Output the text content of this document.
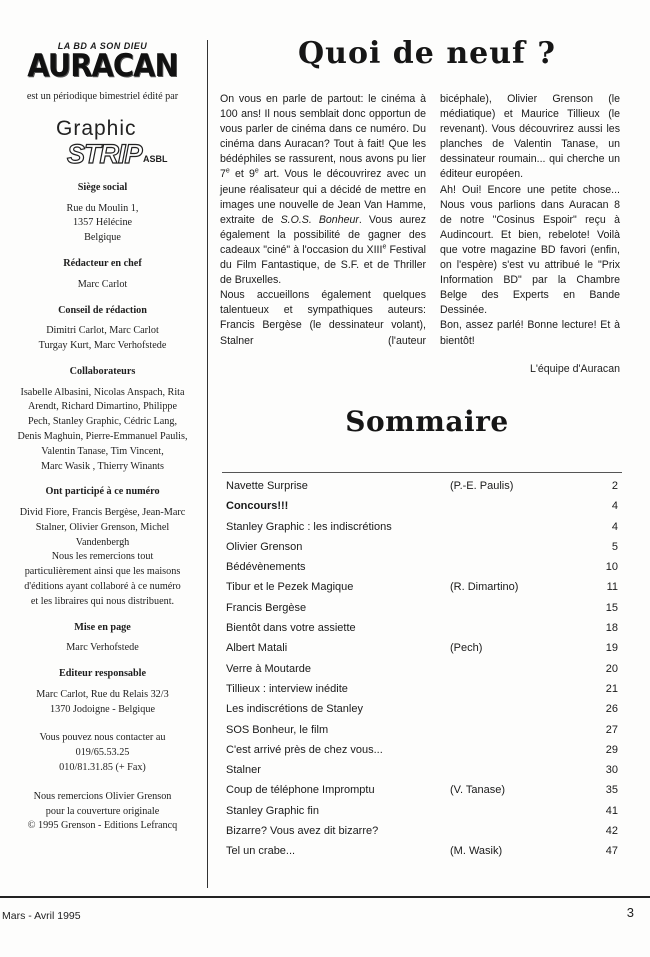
LA BD A SON DIEU
AURACAN
est un périodique bimestriel édité par
Graphic
STRIP ASBL
Siège social
Rue du Moulin 1,
1357 Hélécine
Belgique
Rédacteur en chef
Marc Carlot
Conseil de rédaction
Dimitri Carlot, Marc Carlot
Turgay Kurt, Marc Verhofstede
Collaborateurs
Isabelle Albasini, Nicolas Anspach, Rita
Arendt, Richard Dimartino, Philippe
Pech, Stanley Graphic, Cédric Lang,
Denis Maghuin, Pierre-Emmanuel Paulis,
Valentin Tanase, Tim Vincent,
Marc Wasik , Thierry Winants
Ont participé à ce numéro
Divid Fiore, Francis Bergèse, Jean-Marc
Stalner, Olivier Grenson, Michel
Vandenbergh
Nous les remercions tout
particulièrement ainsi que les maisons
d'éditions ayant collaboré à ce numéro
et les libraires qui nous distribuent.
Mise en page
Marc Verhofstede
Editeur responsable
Marc Carlot, Rue du Relais 32/3
1370 Jodoigne - Belgique
Vous pouvez nous contacter au
019/65.53.25
010/81.31.85 (+ Fax)
Nous remercions Olivier Grenson
pour la couverture originale
© 1995 Grenson - Editions Lefrancq
Quoi de neuf ?

On vous en parle de partout: le cinéma à 100 ans! Il nous semblait donc opportun de vous parler de cinéma dans ce numéro. Du cinéma dans Auracan? Tout à fait! Que les bédéphiles se rassurent, nous avons pu lier 7e et 9e art. Vous le découvrirez avec un jeune réalisateur qui a décidé de mettre en images une nouvelle de Jean Van Hamme, extraite de S.O.S. Bonheur. Vous aurez également la possibilité de gagner des cadeaux "ciné" à l'occasion du XIIIe Festival du Film Fantastique, de S.F. et de Thriller de Bruxelles.

Nous accueillons également quelques talentueux et sympathiques auteurs: Francis Bergèse (le dessinateur volant), Stalner (l'auteur

bicéphale), Olivier Grenson (le médiatique) et Maurice Tillieux (le revenant). Vous découvrirez aussi les planches de Valentin Tanase, un dessinateur roumain... qui cherche un éditeur européen.

Ah! Oui! Encore une petite chose... Nous vous parlions dans Auracan 8 de notre "Cosinus Espoir" reçu à Audincourt. Et bien, rebelote! Voilà que votre magazine BD favori (enfin, on l'espère) s'est vu attribué le "Prix Information BD" par la Chambre Belge des Experts en Bande Dessinée.

Bon, assez parlé! Bonne lecture! Et à bientôt!

L'équipe d'Auracan
Sommaire
Navette Surprise	(P.-E. Paulis)	2
Concours!!!	4
Stanley Graphic : les indiscrétions	4
Olivier Grenson	5
Bédévènements	10
Tibur et le Pezek Magique	(R. Dimartino)	11
Francis Bergèse	15
Bientôt dans votre assiette	18
Albert Matali	(Pech)	19
Verre à Moutarde	20
Tillieux : interview inédite	21
Les indiscrétions de Stanley	26
SOS Bonheur, le film	27
C'est arrivé près de chez vous...	29
Stalner	30
Coup de téléphone Impromptu	(V. Tanase)	35
Stanley Graphic fin	41
Bizarre? Vous avez dit bizarre?	42
Tel un crabe...	(M. Wasik)	47
Mars - Avril 1995	3
